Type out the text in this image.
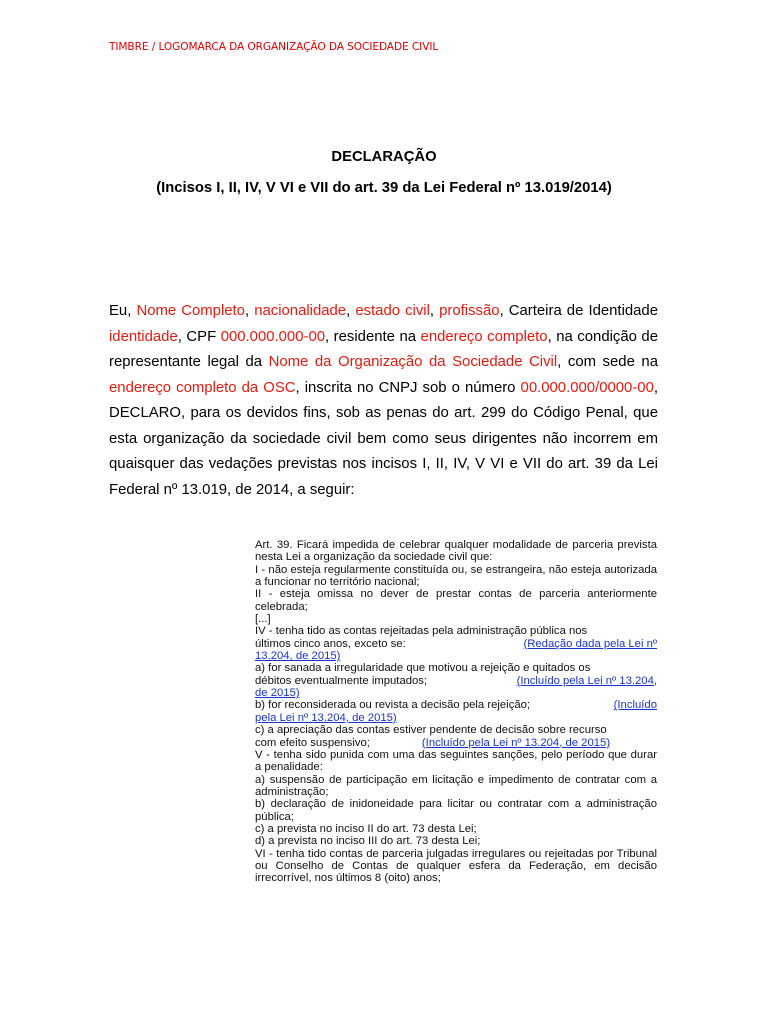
TIMBRE / LOGOMARCA DA ORGANIZAÇÃO DA SOCIEDADE CIVIL
DECLARAÇÃO
(Incisos I, II, IV, V VI e VII do art. 39 da Lei Federal nº 13.019/2014)
Eu, Nome Completo, nacionalidade, estado civil, profissão, Carteira de Identidade identidade, CPF 000.000.000-00, residente na endereço completo, na condição de representante legal da Nome da Organização da Sociedade Civil, com sede na endereço completo da OSC, inscrita no CNPJ sob o número 00.000.000/0000-00, DECLARO, para os devidos fins, sob as penas do art. 299 do Código Penal, que esta organização da sociedade civil bem como seus dirigentes não incorrem em quaisquer das vedações previstas nos incisos I, II, IV, V VI e VII do art. 39 da Lei Federal nº 13.019, de 2014, a seguir:

Art. 39. Ficará impedida de celebrar qualquer modalidade de parceria prevista nesta Lei a organização da sociedade civil que:

I - não esteja regularmente constituída ou, se estrangeira, não esteja autorizada a funcionar no território nacional;

II - esteja omissa no dever de prestar contas de parceria anteriormente celebrada;

[...]

IV - tenha tido as contas rejeitadas pela administração pública nos

últimos cinco anos, exceto se:	(Redação dada pela Lei nº

13.204, de 2015)

a) for sanada a irregularidade que motivou a rejeição e quitados os

débitos eventualmente imputados;	(Incluído pela Lei nº 13.204,

de 2015)

b) for reconsiderada ou revista a decisão pela rejeição;	(Incluído

pela Lei nº 13.204, de 2015)

c) a apreciação das contas estiver pendente de decisão sobre recurso

com efeito suspensivo;	(Incluído pela Lei nº 13.204, de 2015)

V - tenha sido punida com uma das seguintes sanções, pelo período que durar a penalidade:

a) suspensão de participação em licitação e impedimento de contratar com a administração;

b) declaração de inidoneidade para licitar ou contratar com a administração pública;

c) a prevista no inciso II do art. 73 desta Lei;

d) a prevista no inciso III do art. 73 desta Lei;

VI - tenha tido contas de parceria julgadas irregulares ou rejeitadas por Tribunal ou Conselho de Contas de qualquer esfera da Federação, em decisão irrecorrível, nos últimos 8 (oito) anos;
